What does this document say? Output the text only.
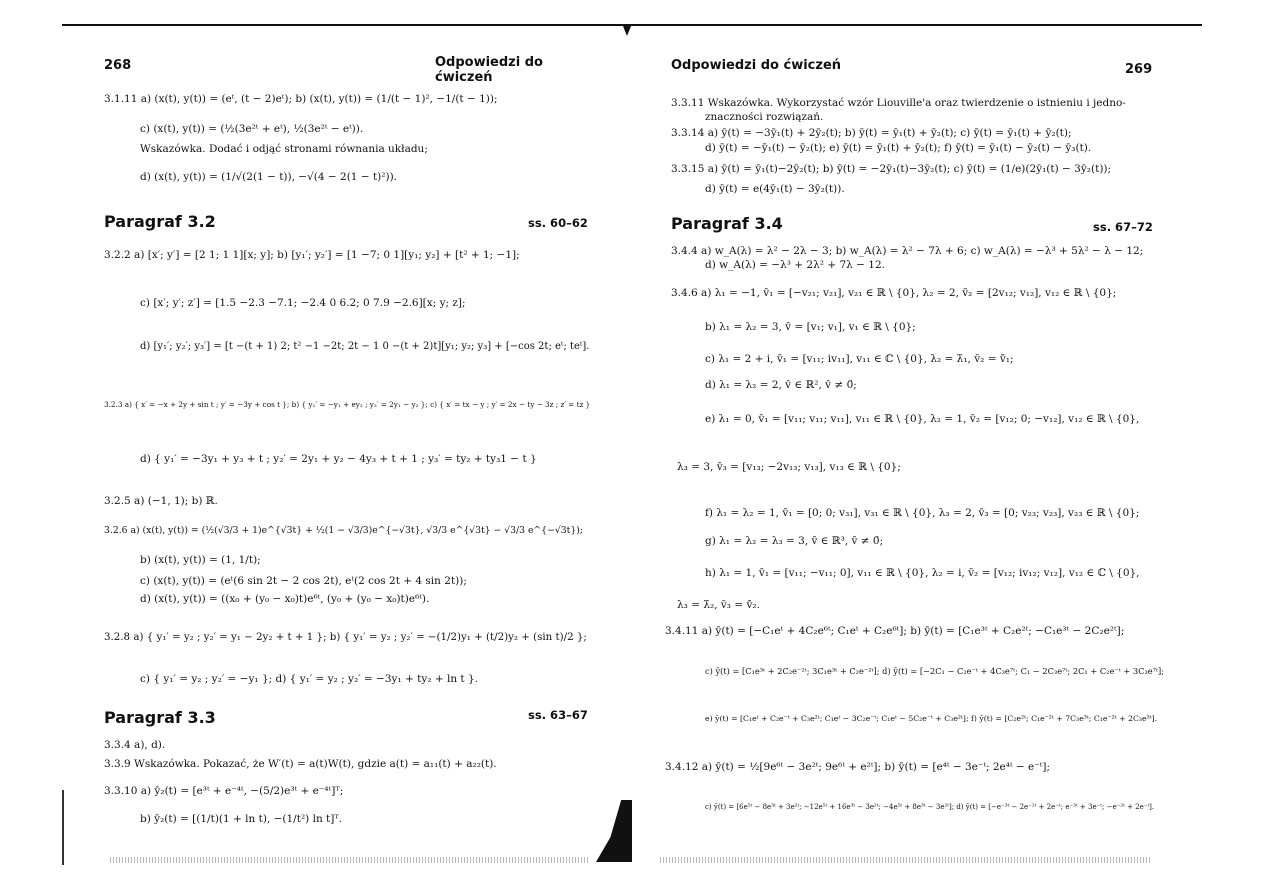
268	Odpowiedzi do ćwiczeń
3.1.11 a) (x(t), y(t)) = (eᵗ, (t − 2)eᵗ); b) (x(t), y(t)) = (1/(t − 1)², −1/(t − 1));
c) (x(t), y(t)) = (½(3e²ᵗ + eᵗ), ½(3e²ᵗ − eᵗ)).
Wskazówka. Dodać i odjąć stronami równania układu;
d) (x(t), y(t)) = (1/√(2(1 − t)), −√(4 − 2(1 − t)²)).
Paragraf 3.2	ss. 60–62
3.2.2 a) [x′; y′] = [2 1; 1 1][x; y]; b) [y₁′; y₂′] = [1 −7; 0 1][y₁; y₂] + [t² + 1; −1];
c) [x′; y′; z′] = [1.5 −2.3 −7.1; −2.4 0 6.2; 0 7.9 −2.6][x; y; z];
d) [y₁′; y₂′; y₃′] = [t −(t + 1) 2; t² −1 −2t; 2t − 1 0 −(t + 2)t][y₁; y₂; y₃] + [−cos 2t; eᵗ; teᵗ].
3.2.3 a) { x′ = −x + 2y + sin t ; y′ = −3y + cos t }; b) { y₁′ = −y₁ + ey₂ ; y₂′ = 2y₁ − y₂ }; c) { x′ = tx − y ; y′ = 2x − ty − 3z ; z′ = tz }
d) { y₁′ = −3y₁ + y₃ + t ; y₂′ = 2y₁ + y₂ − 4y₃ + t + 1 ; y₃′ = ty₂ + ty₃1 − t }
3.2.5 a) (−1, 1); b) ℝ.
3.2.6 a) (x(t), y(t)) = (½(√3/3 + 1)e^{√3t} + ½(1 − √3/3)e^{−√3t}, √3/3 e^{√3t} − √3/3 e^{−√3t});
b) (x(t), y(t)) = (1, 1/t);
c) (x(t), y(t)) = (eᵗ(6 sin 2t − 2 cos 2t), eᵗ(2 cos 2t + 4 sin 2t));
d) (x(t), y(t)) = ((x₀ + (y₀ − x₀)t)e⁶ᵗ, (y₀ + (y₀ − x₀)t)e⁶ᵗ).
3.2.8 a) { y₁′ = y₂ ; y₂′ = y₁ − 2y₂ + t + 1 }; b) { y₁′ = y₂ ; y₂′ = −(1/2)y₁ + (t/2)y₂ + (sin t)/2 };
c) { y₁′ = y₂ ; y₂′ = −y₁ }; d) { y₁′ = y₂ ; y₂′ = −3y₁ + ty₂ + ln t }.
Paragraf 3.3	ss. 63–67
3.3.4 a), d).
3.3.9 Wskazówka. Pokazać, że W′(t) = a(t)W(t), gdzie a(t) = a₁₁(t) + a₂₂(t).
3.3.10 a) ȳ₂(t) = [e³ᵗ + e⁻⁴ᵗ, −(5/2)e³ᵗ + e⁻⁴ᵗ]ᵀ;
b) ȳ₂(t) = [(1/t)(1 + ln t), −(1/t²) ln t]ᵀ.
Odpowiedzi do ćwiczeń	269
3.3.11 Wskazówka. Wykorzystać wzór Liouville'a oraz twierdzenie o istnieniu i jedno-
znaczności rozwiązań.
3.3.14 a) ȳ(t) = −3ȳ₁(t) + 2ȳ₂(t); b) ȳ(t) = ȳ₁(t) + ȳ₂(t); c) ȳ(t) = ȳ₁(t) + ȳ₂(t);
d) ȳ(t) = −ȳ₁(t) − ȳ₂(t); e) ȳ(t) = ȳ₁(t) + ȳ₂(t); f) ȳ(t) = ȳ₁(t) − ȳ₂(t) − ȳ₃(t).
3.3.15 a) ȳ(t) = ȳ₁(t)−2ȳ₂(t); b) ȳ(t) = −2ȳ₁(t)−3ȳ₂(t); c) ȳ(t) = (1/e)(2ȳ₁(t) − 3ȳ₂(t));
d) ȳ(t) = e(4ȳ₁(t) − 3ȳ₂(t)).
Paragraf 3.4	ss. 67–72
3.4.4 a) w_A(λ) = λ² − 2λ − 3; b) w_A(λ) = λ² − 7λ + 6; c) w_A(λ) = −λ³ + 5λ² − λ − 12;
d) w_A(λ) = −λ³ + 2λ² + 7λ − 12.
3.4.6 a) λ₁ = −1, v̄₁ = [−v₂₁; v₂₁], v₂₁ ∈ ℝ \ {0}, λ₂ = 2, v̄₂ = [2v₁₂; v₁₂], v₁₂ ∈ ℝ \ {0};
b) λ₁ = λ₂ = 3, v̄ = [v₁; v₁], v₁ ∈ ℝ \ {0};
c) λ₁ = 2 + i, v̄₁ = [v₁₁; iv₁₁], v₁₁ ∈ ℂ \ {0}, λ₂ = λ̄₁, v̄₂ = v̄̄₁;
d) λ₁ = λ₂ = 2, v̄ ∈ ℝ², v̄ ≠ 0̄;
e) λ₁ = 0, v̄₁ = [v₁₁; v₁₁; v₁₁], v₁₁ ∈ ℝ \ {0}, λ₂ = 1, v̄₂ = [v₁₂; 0; −v₁₂], v₁₂ ∈ ℝ \ {0},
λ₃ = 3, v̄₃ = [v₁₃; −2v₁₃; v₁₃], v₁₃ ∈ ℝ \ {0};
f) λ₁ = λ₂ = 1, v̄₁ = [0; 0; v₃₁], v₃₁ ∈ ℝ \ {0}, λ₃ = 2, v̄₃ = [0; v₂₃; v₂₃], v₂₃ ∈ ℝ \ {0};
g) λ₁ = λ₂ = λ₃ = 3, v̄ ∈ ℝ³, v̄ ≠ 0̄;
h) λ₁ = 1, v̄₁ = [v₁₁; −v₁₁; 0], v₁₁ ∈ ℝ \ {0}, λ₂ = i, v̄₂ = [v₁₂; iv₁₂; v₁₂], v₁₂ ∈ ℂ \ {0},
λ₃ = λ̄₂, v̄₃ = v̄̄₂.
3.4.11 a) ȳ(t) = [−C₁eᵗ + 4C₂e⁶ᵗ; C₁eᵗ + C₂e⁶ᵗ]; b) ȳ(t) = [C₁e³ᵗ + C₂e²ᵗ; −C₁e³ᵗ − 2C₂e²ᵗ];
c) ȳ(t) = [C₁e³ᵗ + 2C₂e⁻²ᵗ; 3C₁e³ᵗ + C₂e⁻²ᵗ]; d) ȳ(t) = [−2C₁ − C₂e⁻ᵗ + 4C₃e⁷ᵗ; C₁ − 2C₃e⁷ᵗ; 2C₁ + C₂e⁻ᵗ + 3C₃e⁷ᵗ];
e) ȳ(t) = [C₁eᵗ + C₂e⁻ᵗ + C₃e²ᵗ; C₁eᵗ − 3C₂e⁻ᵗ; C₁eᵗ − 5C₂e⁻ᵗ + C₃e²ᵗ]; f) ȳ(t) = [C₂e²ᵗ; C₁e⁻²ᵗ + 7C₃e³ᵗ; C₁e⁻²ᵗ + 2C₃e³ᵗ].
3.4.12 a) ȳ(t) = ½[9e⁶ᵗ − 3e²ᵗ; 9e⁶ᵗ + e²ᵗ]; b) ȳ(t) = [e⁴ᵗ − 3e⁻ᵗ; 2e⁴ᵗ − e⁻ᵗ];
c) ȳ(t) = [6e⁵ᵗ − 8e³ᵗ + 3e²ᵗ; −12e⁵ᵗ + 16e³ᵗ − 3e²ᵗ; −4e⁵ᵗ + 8e³ᵗ − 3e²ᵗ]; d) ȳ(t) = [−e⁻³ᵗ − 2e⁻²ᵗ + 2e⁻ᵗ; e⁻³ᵗ + 3e⁻ᵗ; −e⁻²ᵗ + 2e⁻ᵗ].
